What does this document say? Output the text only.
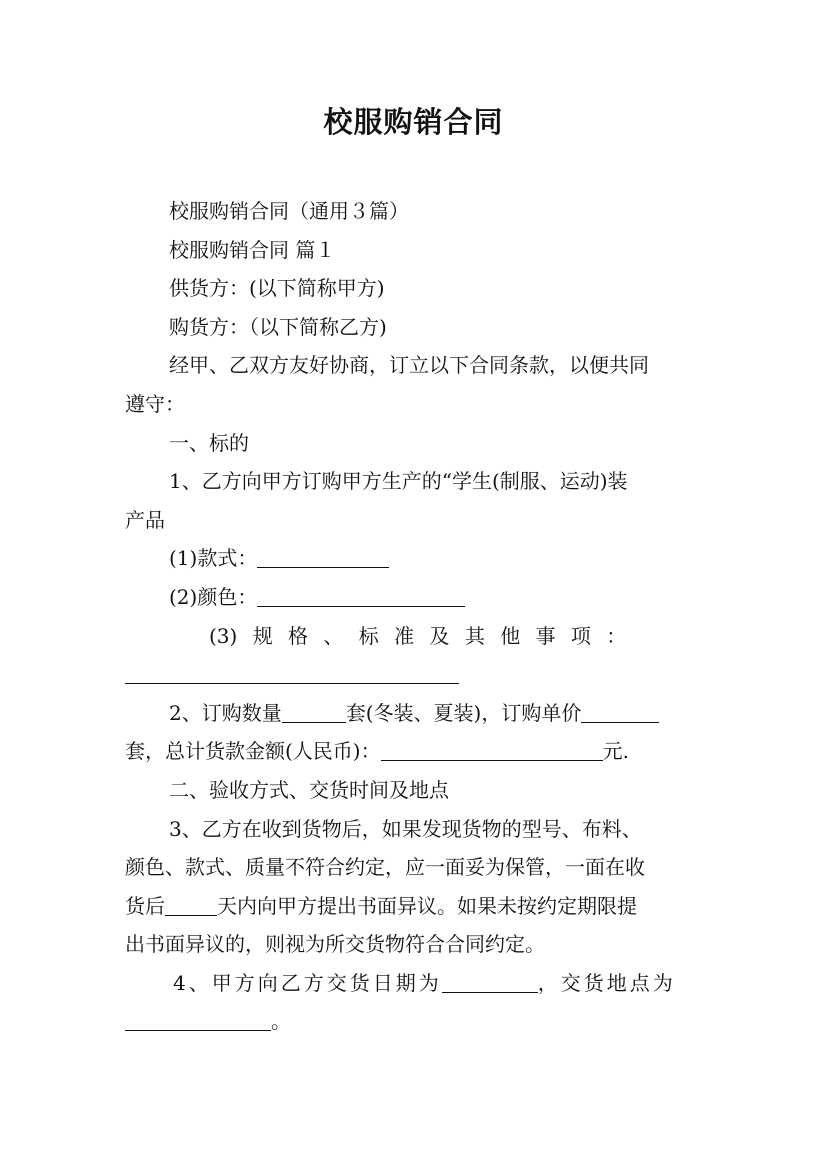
校服购销合同
校服购销合同（通用３篇）
校服购销合同 篇１
供货方：(以下简称甲方)
购货方：（以下简称乙方)
经甲、乙双方友好协商，订立以下合同条款，以便共同
遵守：
一、标的
1、乙方向甲方订购甲方生产的“学生(制服、运动)装
产品
(1)款式：
(2)颜色：
(3) 规 格 、 标 准 及 其 他 事 项 ：
2、订购数量	套(冬装、夏装)，订购单价
套，总计货款金额(人民币)：	元.
二、验收方式、交货时间及地点
3、乙方在收到货物后，如果发现货物的型号、布料、
颜色、款式、质量不符合约定，应一面妥为保管，一面在收
货后	天内向甲方提出书面异议。如果未按约定期限提
出书面异议的，则视为所交货物符合合同约定。
4、甲方向乙方交货日期为	，交货地点为
。
